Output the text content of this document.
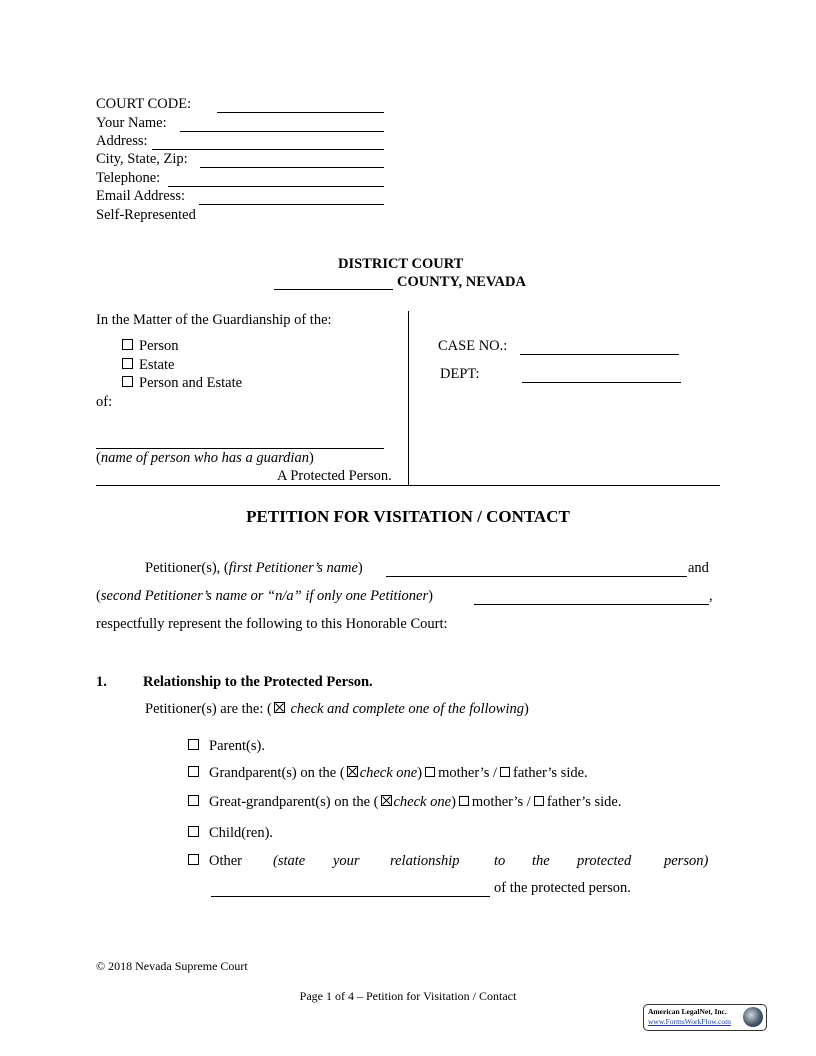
COURT CODE:
Your Name:
Address:
City, State, Zip:
Telephone:
Email Address:
Self-Represented
DISTRICT COURT
COUNTY, NEVADA
In the Matter of the Guardianship of the:
Person
Estate
Person and Estate
of:
(name of person who has a guardian)
A Protected Person.
CASE NO.:
DEPT:
PETITION FOR VISITATION / CONTACT
Petitioner(s), (first Petitioner’s name)	and
(second Petitioner’s name or “n/a” if only one Petitioner)	,
respectfully represent the following to this Honorable Court:
1. Relationship to the Protected Person.
Petitioner(s) are the: ( check and complete one of the following)
Parent(s).
Grandparent(s) on the ( check one) mother’s / father’s side.
Great-grandparent(s) on the ( check one) mother’s / father’s side.
Child(ren).
Other (state your relationship to the protected person)
of the protected person.
© 2018 Nevada Supreme Court
Page 1 of 4 – Petition for Visitation / Contact
American LegalNet, Inc.
www.FormsWorkFlow.com
